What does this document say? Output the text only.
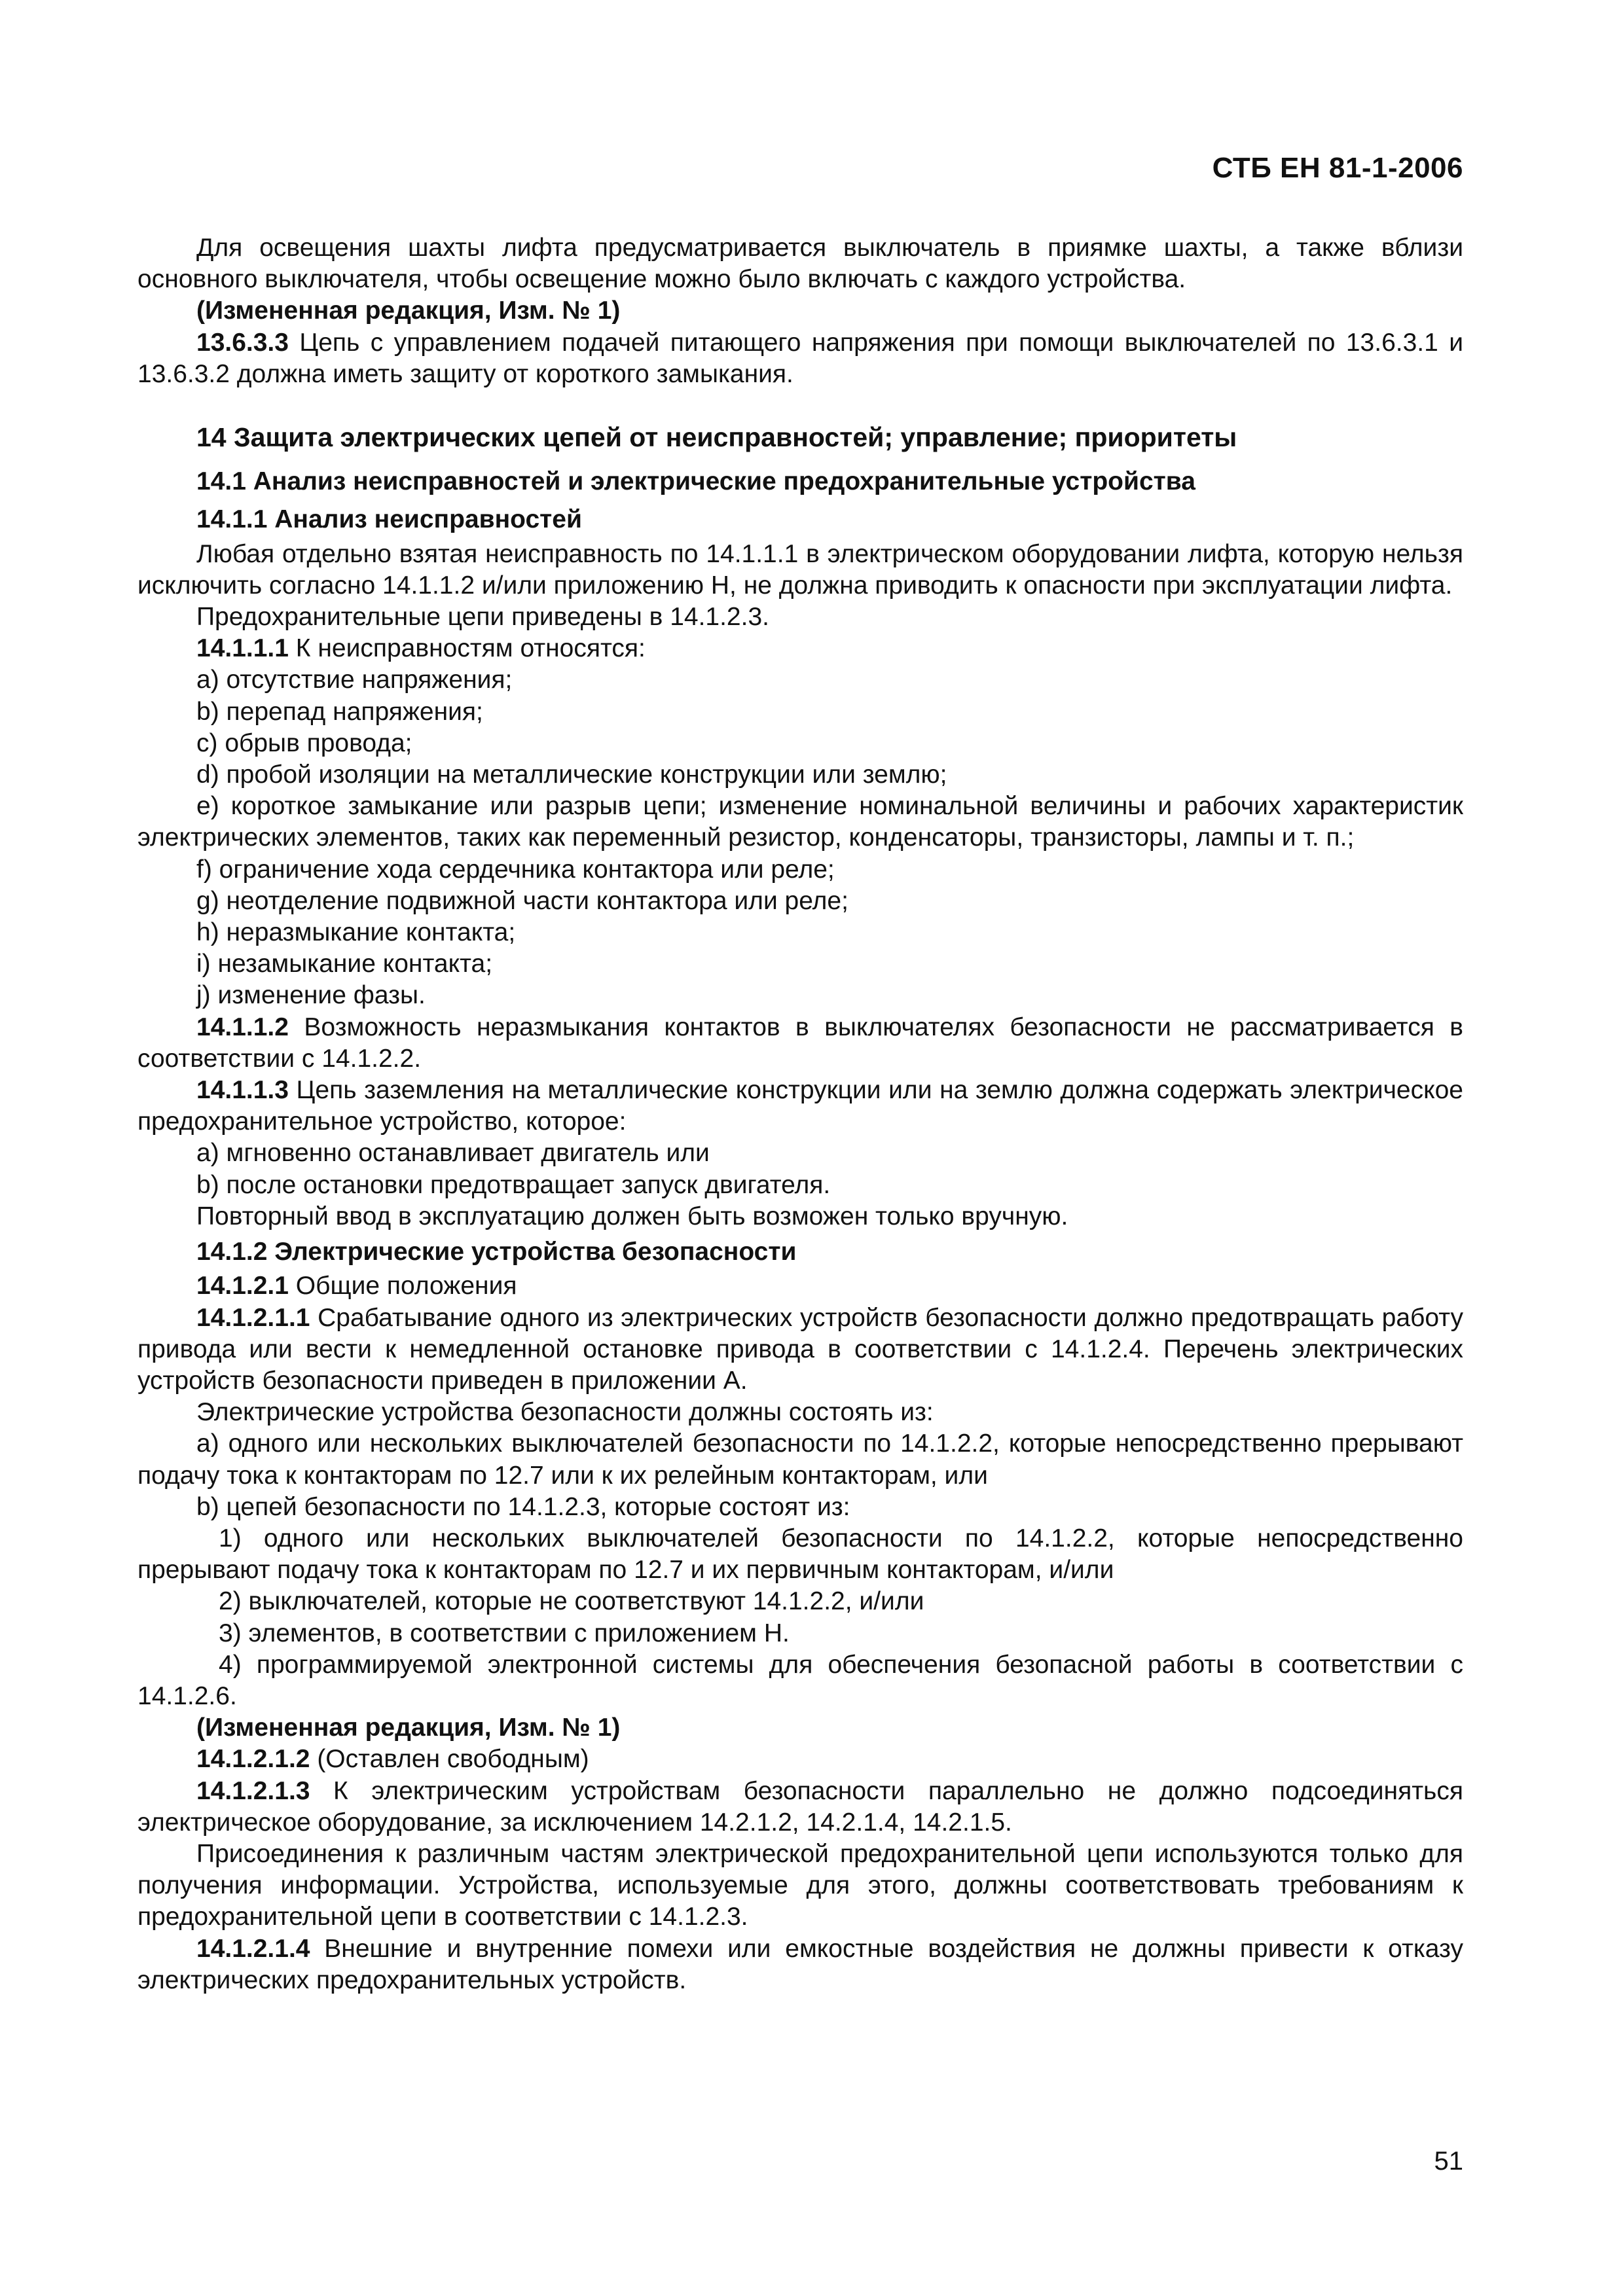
СТБ ЕН 81-1-2006

Для освещения шахты лифта предусматривается выключатель в приямке шахты, а также вблизи основного выключателя, чтобы освещение можно было включать с каждого устройства.

(Измененная редакция, Изм. № 1)

13.6.3.3 Цепь с управлением подачей питающего напряжения при помощи выключателей по 13.6.3.1 и 13.6.3.2 должна иметь защиту от короткого замыкания.

14 Защита электрических цепей от неисправностей; управление; приоритеты

14.1 Анализ неисправностей и электрические предохранительные устройства

14.1.1 Анализ неисправностей

Любая отдельно взятая неисправность по 14.1.1.1 в электрическом оборудовании лифта, которую нельзя исключить согласно 14.1.1.2 и/или приложению Н, не должна приводить к опасности при эксплуатации лифта.

Предохранительные цепи приведены в 14.1.2.3.

14.1.1.1 К неисправностям относятся:

a) отсутствие напряжения;

b) перепад напряжения;

c) обрыв провода;

d) пробой изоляции на металлические конструкции или землю;

e) короткое замыкание или разрыв цепи; изменение номинальной величины и рабочих характеристик электрических элементов, таких как переменный резистор, конденсаторы, транзисторы, лампы и т. п.;

f) ограничение хода сердечника контактора или реле;

g) неотделение подвижной части контактора или реле;

h) неразмыкание контакта;

i) незамыкание контакта;

j) изменение фазы.

14.1.1.2 Возможность неразмыкания контактов в выключателях безопасности не рассматривается в соответствии с 14.1.2.2.

14.1.1.3 Цепь заземления на металлические конструкции или на землю должна содержать электрическое предохранительное устройство, которое:

a) мгновенно останавливает двигатель или

b) после остановки предотвращает запуск двигателя.

Повторный ввод в эксплуатацию должен быть возможен только вручную.

14.1.2 Электрические устройства безопасности

14.1.2.1 Общие положения

14.1.2.1.1 Срабатывание одного из электрических устройств безопасности должно предотвращать работу привода или вести к немедленной остановке привода в соответствии с 14.1.2.4. Перечень электрических устройств безопасности приведен в приложении А.

Электрические устройства безопасности должны состоять из:

a) одного или нескольких выключателей безопасности по 14.1.2.2, которые непосредственно прерывают подачу тока к контакторам по 12.7 или к их релейным контакторам, или

b) цепей безопасности по 14.1.2.3, которые состоят из:

1) одного или нескольких выключателей безопасности по 14.1.2.2, которые непосредственно прерывают подачу тока к контакторам по 12.7 и их первичным контакторам, и/или

2) выключателей, которые не соответствуют 14.1.2.2, и/или

3) элементов, в соответствии с приложением Н.

4) программируемой электронной системы для обеспечения безопасной работы в соответствии с 14.1.2.6.

(Измененная редакция, Изм. № 1)

14.1.2.1.2 (Оставлен свободным)

14.1.2.1.3 К электрическим устройствам безопасности параллельно не должно подсоединяться электрическое оборудование, за исключением 14.2.1.2, 14.2.1.4, 14.2.1.5.

Присоединения к различным частям электрической предохранительной цепи используются только для получения информации. Устройства, используемые для этого, должны соответствовать требованиям к предохранительной цепи в соответствии с 14.1.2.3.

14.1.2.1.4 Внешние и внутренние помехи или емкостные воздействия не должны привести к отказу электрических предохранительных устройств.

51
